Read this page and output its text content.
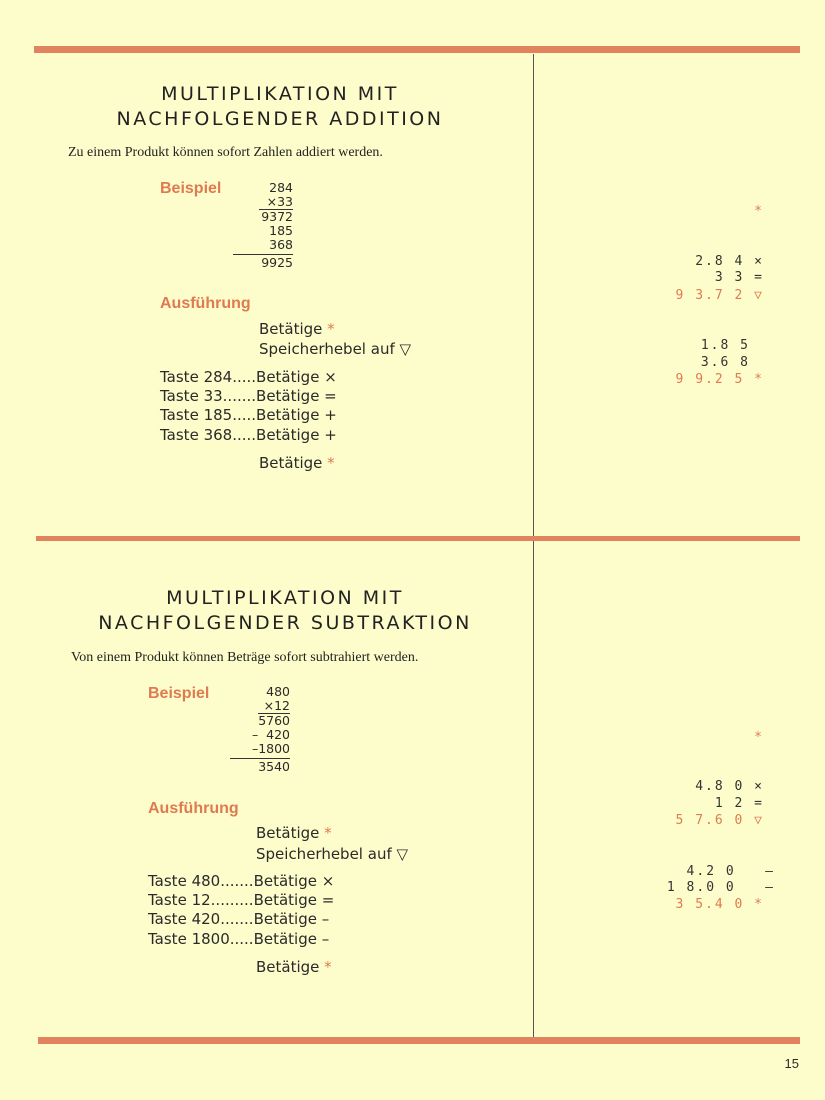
MULTIPLIKATION MIT
NACHFOLGENDER ADDITION
Zu einem Produkt können sofort Zahlen addiert werden.
Beispiel	284
×33
9372
185
368
9925
Ausführung
Betätige *
Speicherhebel auf ▽
Taste 284.....Betätige ×
Taste 33.......Betätige =
Taste 185.....Betätige +
Taste 368.....Betätige +
Betätige *
*
2.8 4 ×
3 3 =
9 3.7 2 ▽
1.8 5
3.6 8
9 9.2 5 *
MULTIPLIKATION MIT
NACHFOLGENDER SUBTRAKTION
Von einem Produkt können Beträge sofort subtrahiert werden.
Beispiel	480
×12
5760
–  420
–1800
3540
Ausführung
Betätige *
Speicherhebel auf ▽
Taste 480.......Betätige ×
Taste 12.........Betätige =
Taste 420.......Betätige –
Taste 1800.....Betätige –
Betätige *
*
4.8 0 ×
1 2 =
5 7.6 0 ▽
4.2 0   –
1 8.0 0   –
3 5.4 0 *
15
